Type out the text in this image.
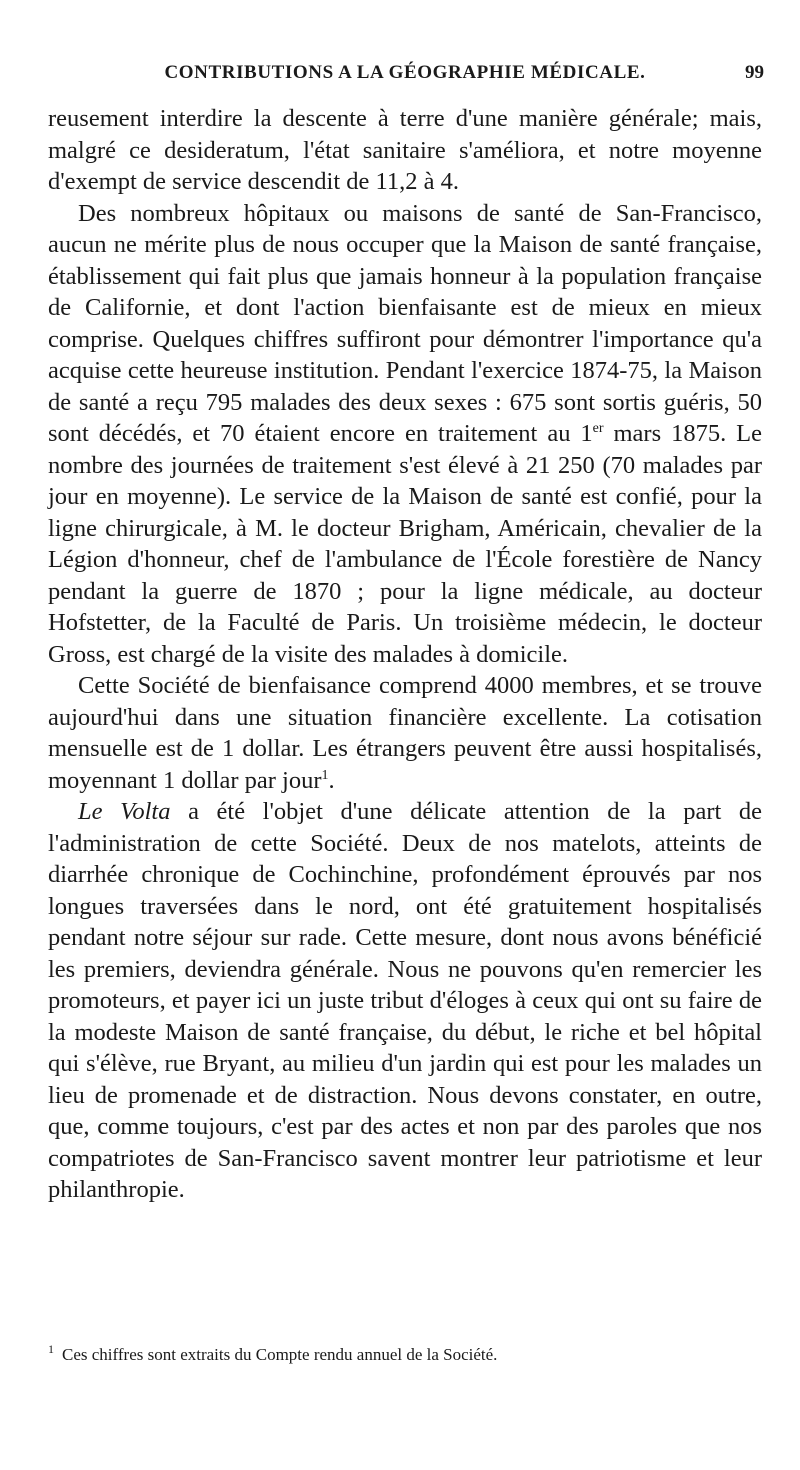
CONTRIBUTIONS A LA GÉOGRAPHIE MÉDICALE.	99

reusement interdire la descente à terre d'une manière générale; mais, malgré ce desideratum, l'état sanitaire s'améliora, et notre moyenne d'exempt de service descendit de 11,2 à 4.

Des nombreux hôpitaux ou maisons de santé de San-Francisco, aucun ne mérite plus de nous occuper que la Maison de santé française, établissement qui fait plus que jamais honneur à la population française de Californie, et dont l'action bienfaisante est de mieux en mieux comprise. Quelques chiffres suffiront pour démontrer l'importance qu'a acquise cette heureuse institution. Pendant l'exercice 1874-75, la Maison de santé a reçu 795 malades des deux sexes : 675 sont sortis guéris, 50 sont décédés, et 70 étaient encore en traitement au 1er mars 1875. Le nombre des journées de traitement s'est élevé à 21 250 (70 malades par jour en moyenne). Le service de la Maison de santé est confié, pour la ligne chirurgicale, à M. le docteur Brigham, Américain, chevalier de la Légion d'honneur, chef de l'ambulance de l'École forestière de Nancy pendant la guerre de 1870 ; pour la ligne médicale, au docteur Hofstetter, de la Faculté de Paris. Un troisième médecin, le docteur Gross, est chargé de la visite des malades à domicile.

Cette Société de bienfaisance comprend 4000 membres, et se trouve aujourd'hui dans une situation financière excellente. La cotisation mensuelle est de 1 dollar. Les étrangers peuvent être aussi hospitalisés, moyennant 1 dollar par jour$^1$.

Le Volta a été l'objet d'une délicate attention de la part de l'administration de cette Société. Deux de nos matelots, atteints de diarrhée chronique de Cochinchine, profondément éprouvés par nos longues traversées dans le nord, ont été gratuitement hospitalisés pendant notre séjour sur rade. Cette mesure, dont nous avons bénéficié les premiers, deviendra générale. Nous ne pouvons qu'en remercier les promoteurs, et payer ici un juste tribut d'éloges à ceux qui ont su faire de la modeste Maison de santé française, du début, le riche et bel hôpital qui s'élève, rue Bryant, au milieu d'un jardin qui est pour les malades un lieu de promenade et de distraction. Nous devons constater, en outre, que, comme toujours, c'est par des actes et non par des paroles que nos compatriotes de San-Francisco savent montrer leur patriotisme et leur philanthropie.

$^1$ Ces chiffres sont extraits du Compte rendu annuel de la Société.
